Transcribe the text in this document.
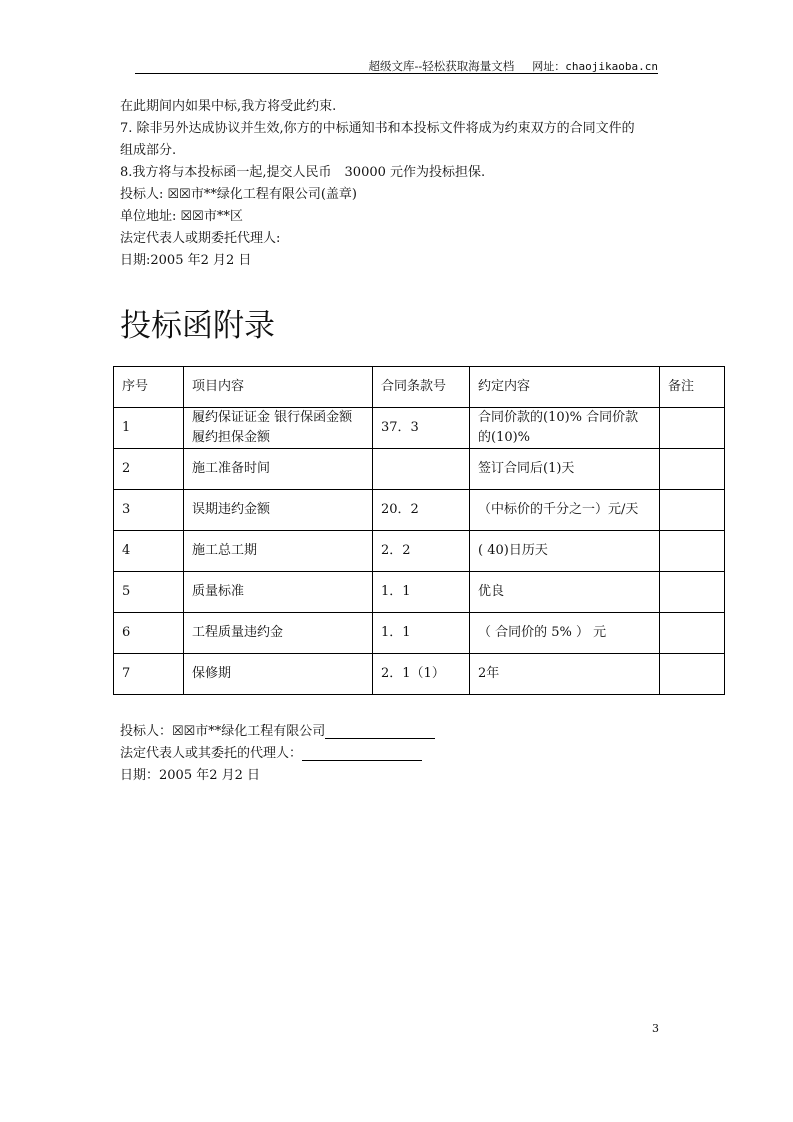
超级文库--轻松获取海量文档 网址：chaojikaoba.cn
在此期间内如果中标,我方将受此约束.
7. 除非另外达成协议并生效,你方的中标通知书和本投标文件将成为约束双方的合同文件的
组成部分.
8.我方将与本投标函一起,提交人民币　30000 元作为投标担保.
投标人: ☒☒市**绿化工程有限公司(盖章)
单位地址: ☒☒市**区
法定代表人或期委托代理人:
日期:2005 年2 月2 日
投标函附录
序号	项目内容	合同条款号	约定内容	备注
1	履约保证证金 银行保函金额 履约担保金额	37．3	合同价款的(10)% 合同价款的(10)%	
2	施工准备时间		签订合同后(1)天	
3	误期违约金额	20．2	（中标价的千分之一）元/天	
4	施工总工期	2．2	( 40)日历天	
5	质量标准	1．1	优良	
6	工程质量违约金	1．1	（ 合同价的 5% ） 元	
7	保修期	2．1（1）	2年	
投标人：☒☒市**绿化工程有限公司
法定代表人或其委托的代理人：
日期：2005 年2 月2 日
3
